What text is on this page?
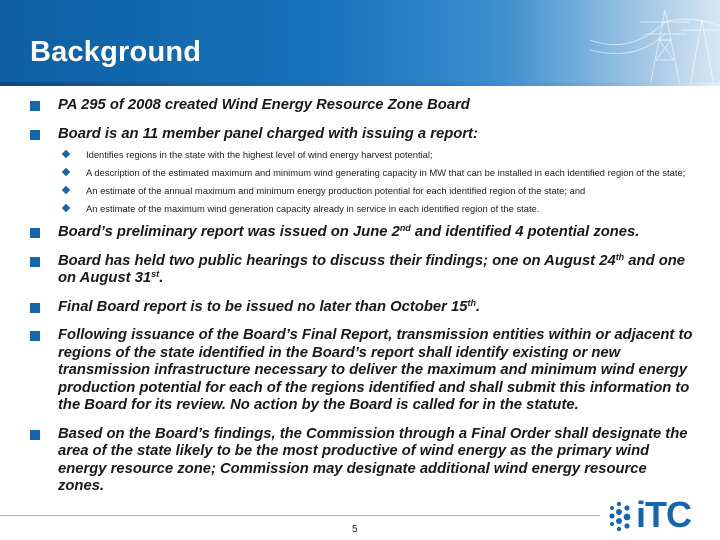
Background
PA 295 of 2008 created Wind Energy Resource Zone Board
Board is an 11 member panel charged with issuing a report:
Identifies regions in the state with the highest level of wind energy harvest potential;
A description of the estimated maximum and minimum wind generating capacity in MW that can be installed in each identified region of the state;
An estimate of the annual maximum and minimum energy production potential for each identified region of the state; and
An estimate of the maximum wind generation capacity already in service in each identified region of the state.
Board’s preliminary report was issued on June 2nd and identified 4 potential zones.
Board has held two public hearings to discuss their findings; one on August 24th and one on August 31st.
Final Board report is to be issued no later than October 15th.
Following issuance of the Board’s Final Report, transmission entities within or adjacent to regions of the state identified in the Board’s report shall identify existing or new transmission infrastructure necessary to deliver the maximum and minimum wind energy production potential for each of the regions identified and shall submit this information to the Board for its review. No action by the Board is called for in the statute.
Based on the Board’s findings, the Commission through a Final Order shall designate the area of the state likely to be the most productive of wind energy as the primary wind energy resource zone; Commission may designate additional wind energy resource zones.
5	iTC
